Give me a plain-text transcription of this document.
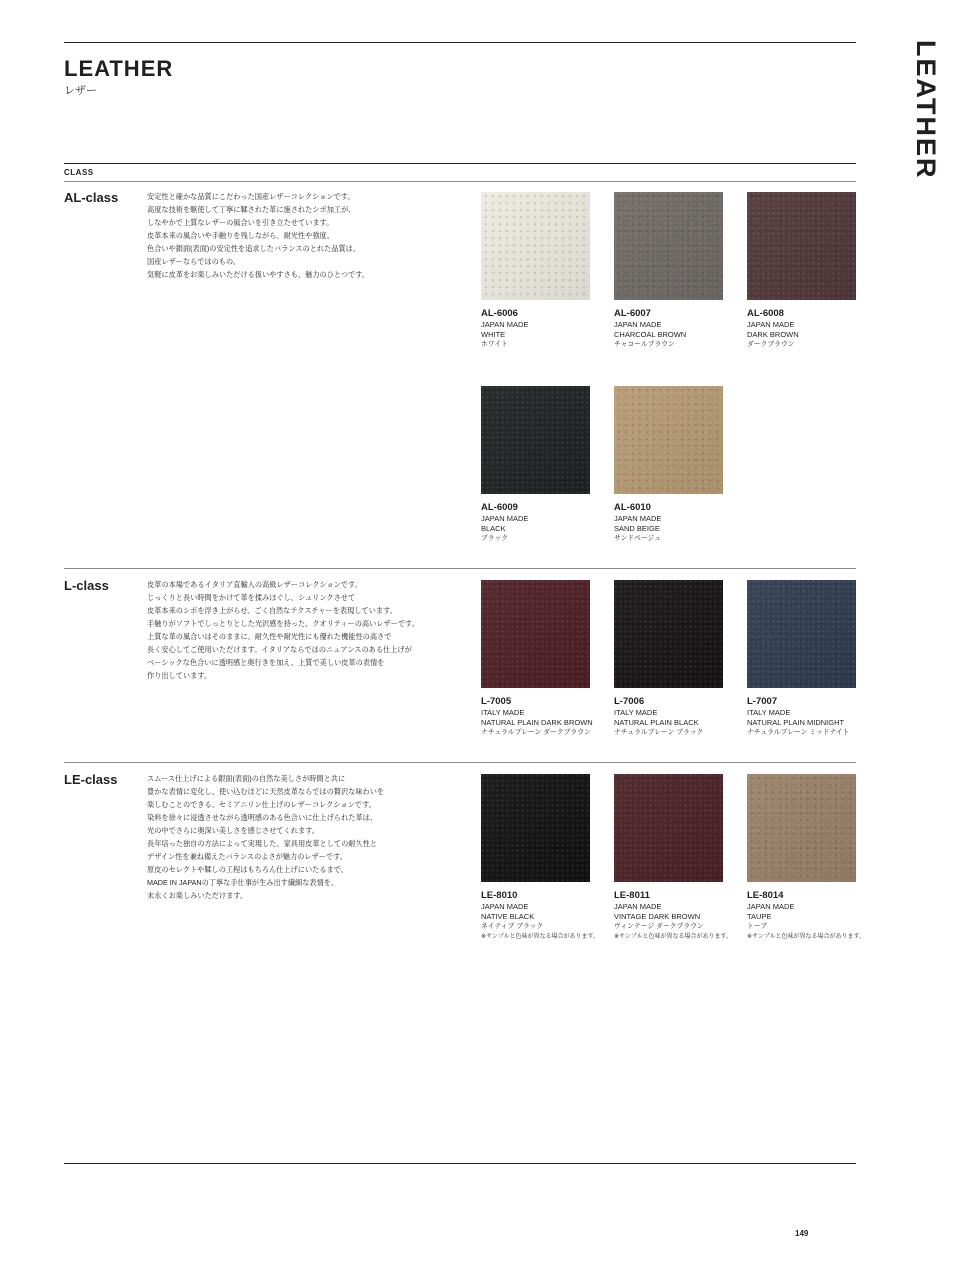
LEATHER
レザー	LEATHER
CLASS
AL-class	安定性と確かな品質にこだわった国産レザーコレクションです。

高度な技術を駆使して丁寧に鞣された革に施されたシボ加工が、

しなやかで上質なレザーの風合いを引き立たせています。

皮革本来の風合いや手触りを残しながら、耐光性や強度、

色合いや銀面(表面)の安定性を追求したバランスのとれた品質は、

国産レザーならではのもの。

気軽に皮革をお楽しみいただける扱いやすさも、魅力のひとつです。

AL-6006
JAPAN MADE
WHITE
ホワイト
AL-6007
JAPAN MADE
CHARCOAL BROWN
チャコールブラウン
AL-6008
JAPAN MADE
DARK BROWN
ダークブラウン
AL-6009
JAPAN MADE
BLACK
ブラック
AL-6010
JAPAN MADE
SAND BEIGE
サンドベージュ
L-class	皮革の本場であるイタリア直輸入の高級レザーコレクションです。

じっくりと長い時間をかけて革を揉みほぐし、シュリンクさせて

皮革本来のシボを浮き上がらせ、ごく自然なテクスチャーを表現しています。

手触りがソフトでしっとりとした光沢感を持った、クオリティーの高いレザーです。

上質な革の風合いはそのままに、耐久性や耐光性にも優れた機能性の高さで

長く安心してご使用いただけます。イタリアならではのニュアンスのある仕上げが

ベーシックな色合いに透明感と奥行きを加え、上質で美しい皮革の表情を

作り出しています。

L-7005
ITALY MADE
NATURAL PLAIN DARK BROWN
ナチュラルプレーン ダークブラウン
L-7006
ITALY MADE
NATURAL PLAIN BLACK
ナチュラルプレーン ブラック
L-7007
ITALY MADE
NATURAL PLAIN MIDNIGHT
ナチュラルプレーン ミッドナイト
LE-class	スムース仕上げによる銀面(表面)の自然な美しさが時間と共に

豊かな表情に変化し、使い込むほどに天然皮革ならではの贅沢な味わいを

楽しむことのできる、セミアニリン仕上げのレザーコレクションです。

染料を徐々に浸透させながら透明感のある色合いに仕上げられた革は、

光の中でさらに奥深い美しさを感じさせてくれます。

長年培った独自の方法によって実現した、家具用皮革としての耐久性と

デザイン性を兼ね備えたバランスのよさが魅力のレザーです。

原皮のセレクトや鞣しの工程はもちろん仕上げにいたるまで、

MADE IN JAPANの丁寧な手仕事が生み出す繊細な表情を、

末永くお楽しみいただけます。	LE-8010
JAPAN MADE
NATIVE BLACK
ネイティブ ブラック
※サンプルと色味が異なる場合があります。
LE-8011
JAPAN MADE
VINTAGE DARK BROWN
ヴィンテージ ダークブラウン
※サンプルと色味が異なる場合があります。
LE-8014
JAPAN MADE
TAUPE
トープ
※サンプルと色味が異なる場合があります。
149
